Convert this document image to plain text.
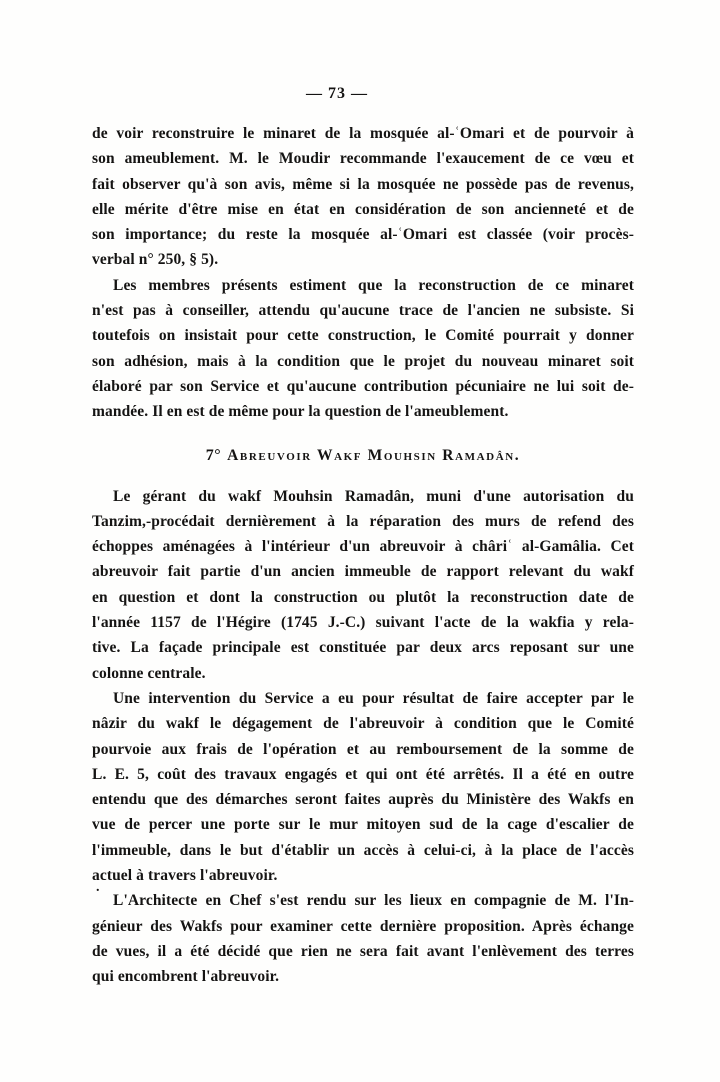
.
— 73 —
de voir reconstruire le minaret de la mosquée al-ʿOmari et de pourvoir à
son ameublement. M. le Moudir recommande l'exaucement de ce vœu et
fait observer qu'à son avis, même si la mosquée ne possède pas de revenus,
elle mérite d'être mise en état en considération de son ancienneté et de
son importance; du reste la mosquée al-ʿOmari est classée (voir procès-
verbal n° 250, § 5).
Les membres présents estiment que la reconstruction de ce minaret
n'est pas à conseiller, attendu qu'aucune trace de l'ancien ne subsiste. Si
toutefois on insistait pour cette construction, le Comité pourrait y donner
son adhésion, mais à la condition que le projet du nouveau minaret soit
élaboré par son Service et qu'aucune contribution pécuniaire ne lui soit de-
mandée. Il en est de même pour la question de l'ameublement.
7° Abreuvoir Wakf Mouhsin Ramadân.
Le gérant du wakf Mouhsin Ramadân, muni d'une autorisation du
Tanzim,-procédait dernièrement à la réparation des murs de refend des
échoppes aménagées à l'intérieur d'un abreuvoir à châriʿ al-Gamâlia. Cet
abreuvoir fait partie d'un ancien immeuble de rapport relevant du wakf
en question et dont la construction ou plutôt la reconstruction date de
l'année 1157 de l'Hégire (1745 J.-C.) suivant l'acte de la wakfia y rela-
tive. La façade principale est constituée par deux arcs reposant sur une
colonne centrale.
Une intervention du Service a eu pour résultat de faire accepter par le
nâzir du wakf le dégagement de l'abreuvoir à condition que le Comité
pourvoie aux frais de l'opération et au remboursement de la somme de
L. E. 5, coût des travaux engagés et qui ont été arrêtés. Il a été en outre
entendu que des démarches seront faites auprès du Ministère des Wakfs en
vue de percer une porte sur le mur mitoyen sud de la cage d'escalier de
l'immeuble, dans le but d'établir un accès à celui-ci, à la place de l'accès
actuel à travers l'abreuvoir.
L'Architecte en Chef s'est rendu sur les lieux en compagnie de M. l'In-
génieur des Wakfs pour examiner cette dernière proposition. Après échange
de vues, il a été décidé que rien ne sera fait avant l'enlèvement des terres
qui encombrent l'abreuvoir.
